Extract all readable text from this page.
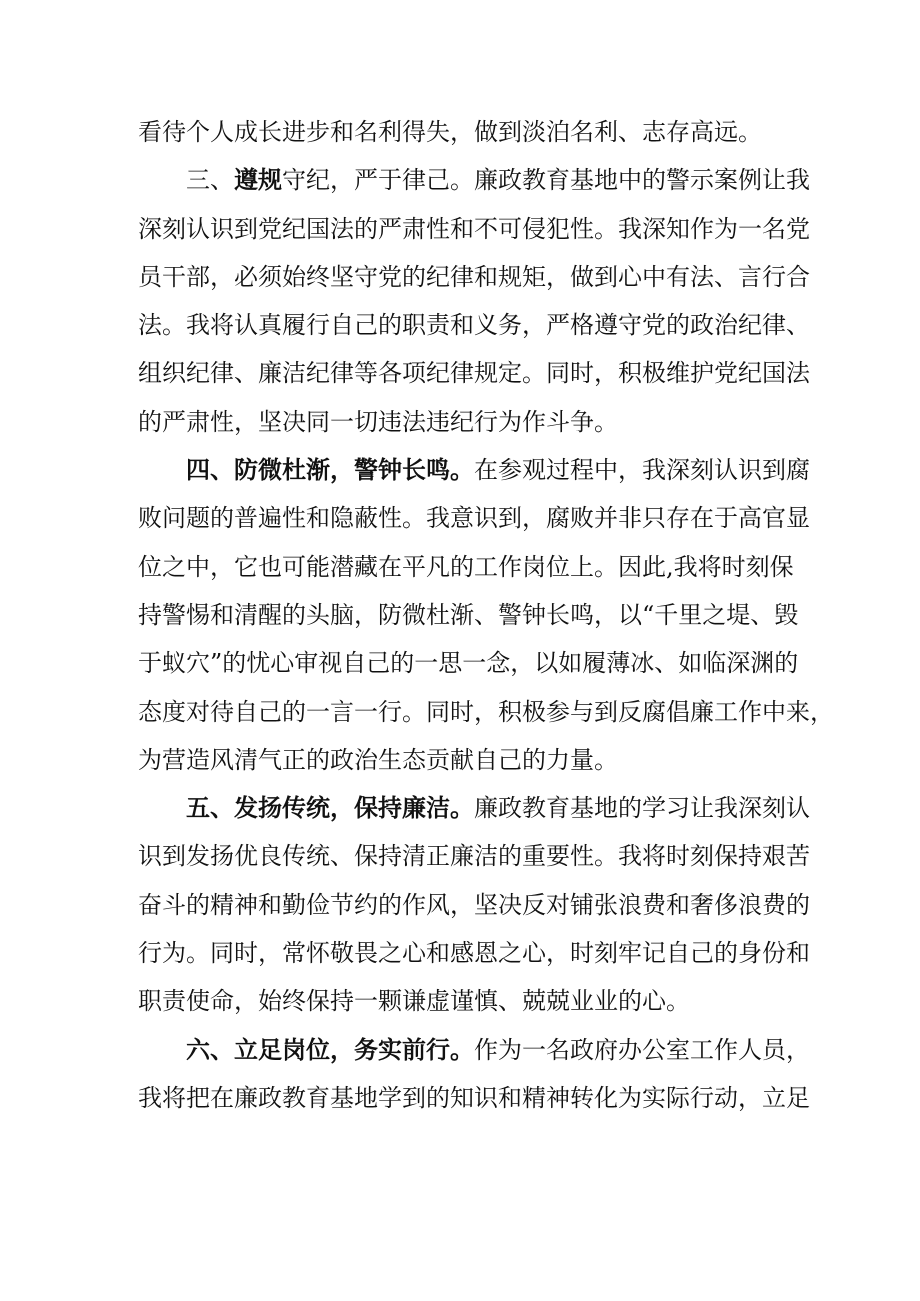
看待个人成长进步和名利得失，做到淡泊名利、志存高远。
三、遵规守纪，严于律己。廉政教育基地中的警示案例让我
深刻认识到党纪国法的严肃性和不可侵犯性。我深知作为一名党
员干部，必须始终坚守党的纪律和规矩，做到心中有法、言行合
法。我将认真履行自己的职责和义务，严格遵守党的政治纪律、
组织纪律、廉洁纪律等各项纪律规定。同时，积极维护党纪国法
的严肃性，坚决同一切违法违纪行为作斗争。
四、防微杜渐，警钟长鸣。在参观过程中，我深刻认识到腐
败问题的普遍性和隐蔽性。我意识到，腐败并非只存在于高官显
位之中，它也可能潜藏在平凡的工作岗位上。因此,我将时刻保
持警惕和清醒的头脑，防微杜渐、警钟长鸣，以“千里之堤、毁
于蚁穴”的忧心审视自己的一思一念，以如履薄冰、如临深渊的
态度对待自己的一言一行。同时，积极参与到反腐倡廉工作中来，
为营造风清气正的政治生态贡献自己的力量。
五、发扬传统，保持廉洁。廉政教育基地的学习让我深刻认
识到发扬优良传统、保持清正廉洁的重要性。我将时刻保持艰苦
奋斗的精神和勤俭节约的作风，坚决反对铺张浪费和奢侈浪费的
行为。同时，常怀敬畏之心和感恩之心，时刻牢记自己的身份和
职责使命，始终保持一颗谦虚谨慎、兢兢业业的心。
六、立足岗位，务实前行。作为一名政府办公室工作人员，
我将把在廉政教育基地学到的知识和精神转化为实际行动，立足
